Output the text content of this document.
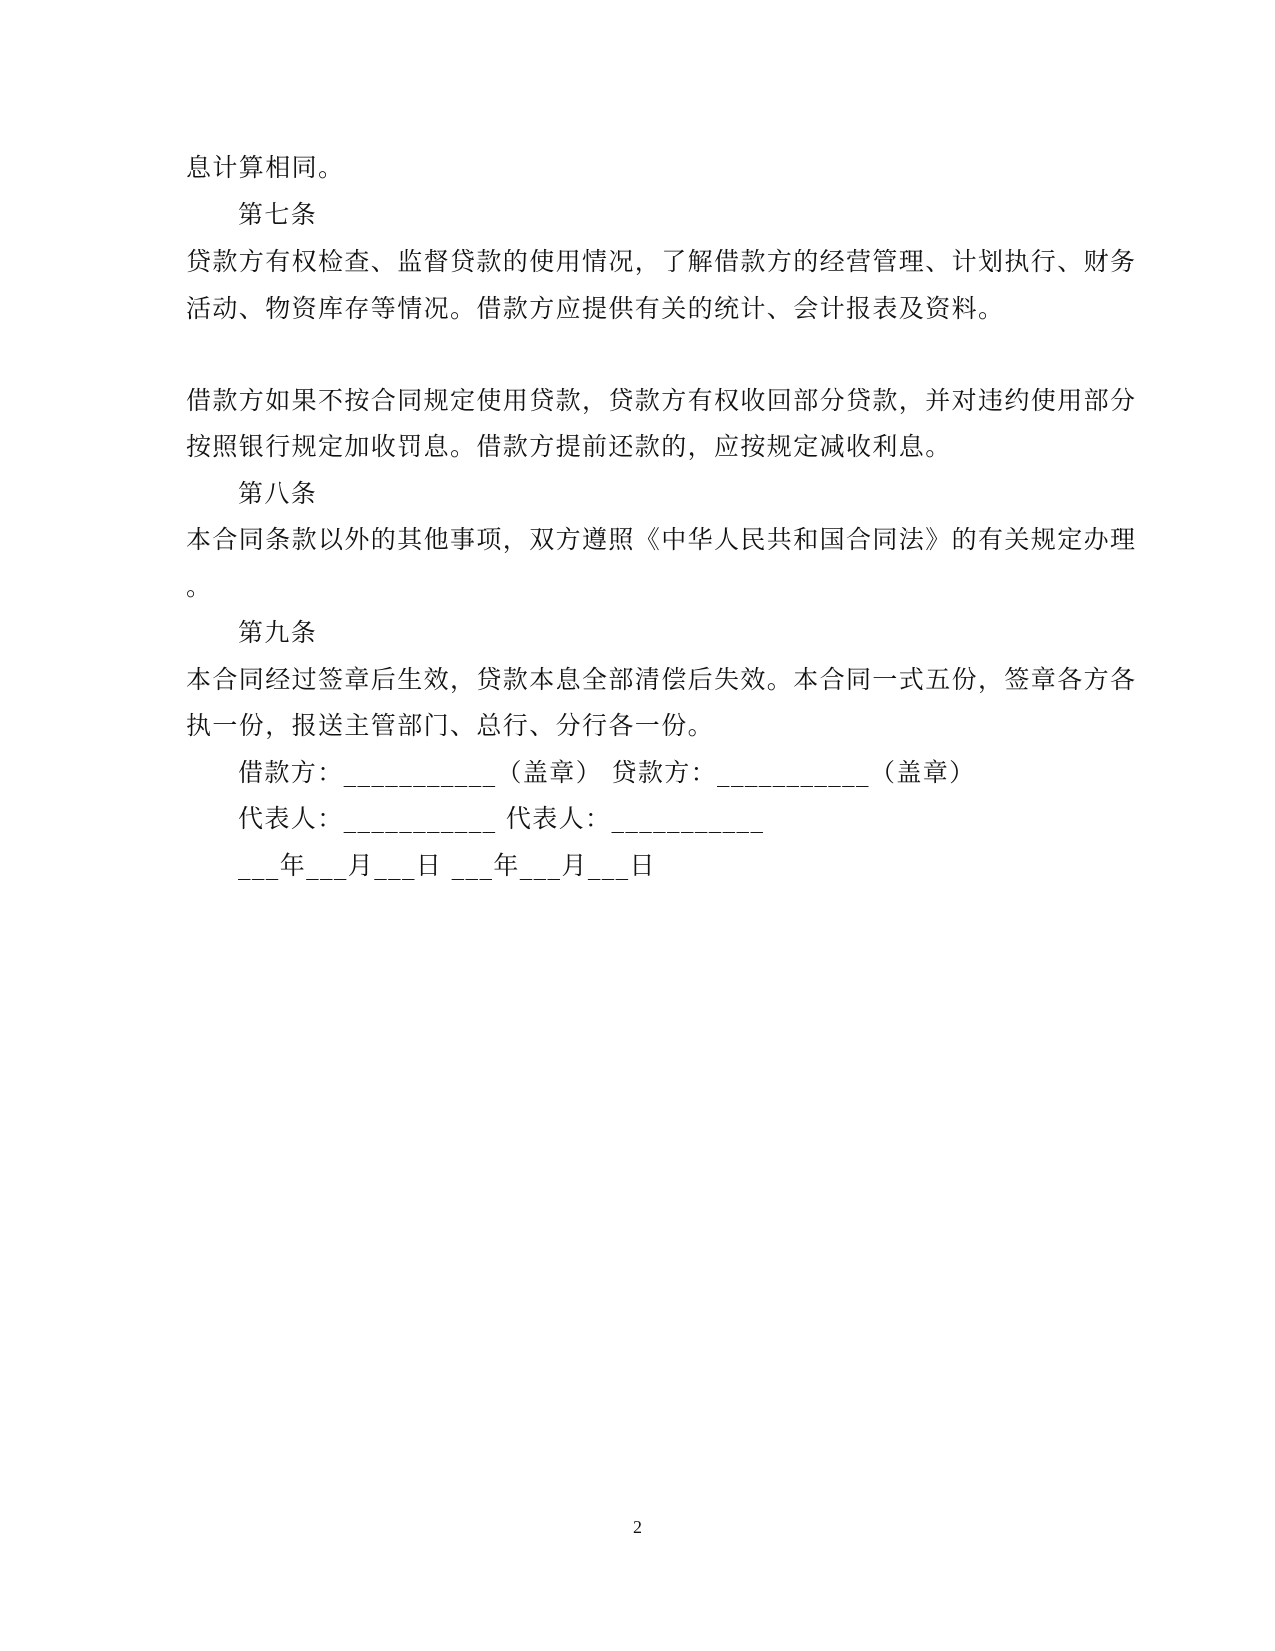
息计算相同。
第七条
贷款方有权检查、监督贷款的使用情况，了解借款方的经营管理、计划执行、财务
活动、物资库存等情况。借款方应提供有关的统计、会计报表及资料。
借款方如果不按合同规定使用贷款，贷款方有权收回部分贷款，并对违约使用部分
按照银行规定加收罚息。借款方提前还款的，应按规定减收利息。
第八条
本合同条款以外的其他事项，双方遵照《中华人民共和国合同法》的有关规定办理
。
第九条
本合同经过签章后生效，贷款本息全部清偿后失效。本合同一式五份，签章各方各
执一份，报送主管部门、总行、分行各一份。
借款方：___________（盖章） 贷款方：___________（盖章）
代表人：___________ 代表人：___________
___年___月___日 ___年___月___日
2
